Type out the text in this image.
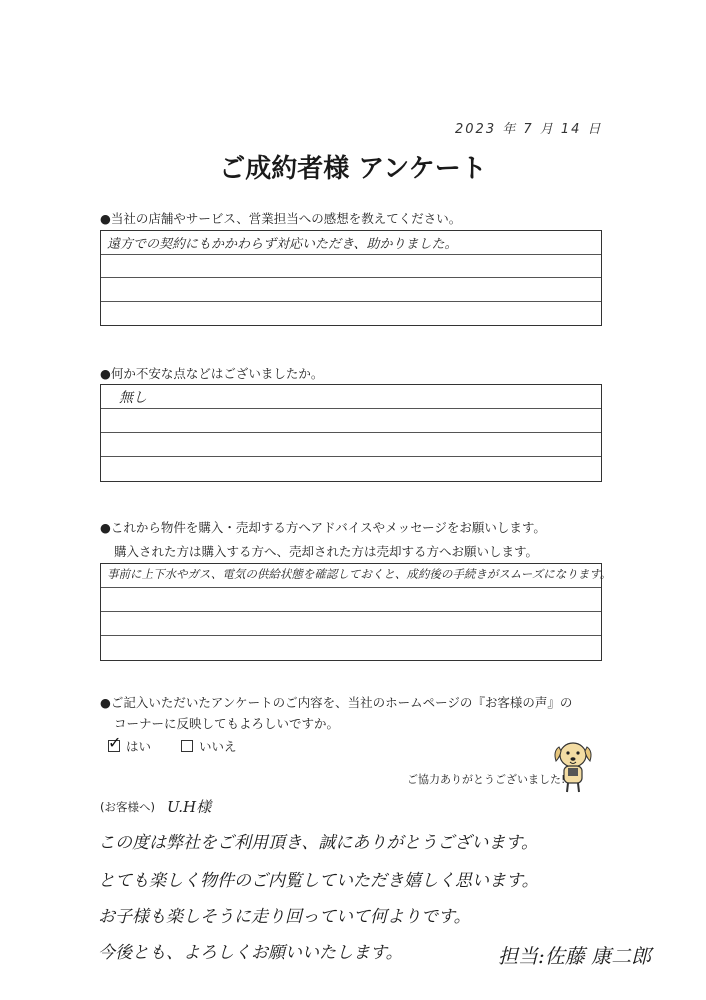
2023 年 7 月 14 日
ご成約者様 アンケート
●当社の店舗やサービス、営業担当への感想を教えてください。
遠方での契約にもかかわらず対応いただき、助かりました。
●何か不安な点などはございましたか。
無し
●これから物件を購入・売却する方へアドバイスやメッセージをお願いします。
購入された方は購入する方へ、売却された方は売却する方へお願いします。
事前に上下水やガス、電気の供給状態を確認しておくと、成約後の手続きがスムーズになります。
●ご記入いただいたアンケートのご内容を、当社のホームページの『お客様の声』の
コーナーに反映してもよろしいですか。
✓ はい	いいえ
ご協力ありがとうございました!
(お客様へ) U.H様
この度は弊社をご利用頂き、誠にありがとうございます。
とても楽しく物件のご内覧していただき嬉しく思います。
お子様も楽しそうに走り回っていて何よりです。
今後とも、よろしくお願いいたします。	担当:佐藤 康二郎
